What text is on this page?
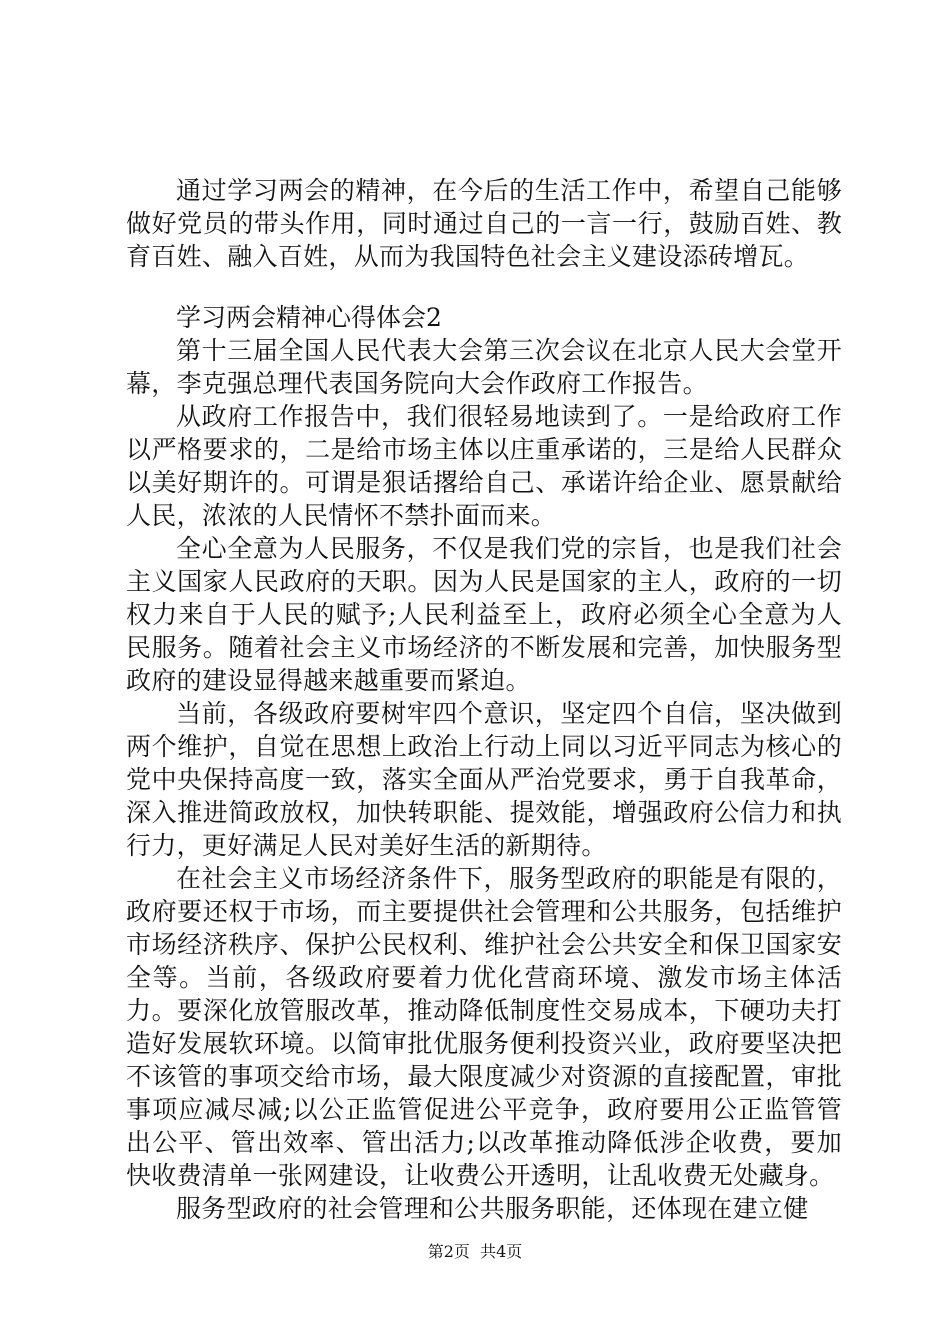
通过学习两会的精神，在今后的生活工作中，希望自己能够做好党员的带头作用，同时通过自己的一言一行，鼓励百姓、教育百姓、融入百姓，从而为我国特色社会主义建设添砖增瓦。

学习两会精神心得体会2

第十三届全国人民代表大会第三次会议在北京人民大会堂开幕，李克强总理代表国务院向大会作政府工作报告。

从政府工作报告中，我们很轻易地读到了。一是给政府工作以严格要求的，二是给市场主体以庄重承诺的，三是给人民群众以美好期许的。可谓是狠话撂给自己、承诺许给企业、愿景献给人民，浓浓的人民情怀不禁扑面而来。

全心全意为人民服务，不仅是我们党的宗旨，也是我们社会主义国家人民政府的天职。因为人民是国家的主人，政府的一切权力来自于人民的赋予;人民利益至上，政府必须全心全意为人民服务。随着社会主义市场经济的不断发展和完善，加快服务型政府的建设显得越来越重要而紧迫。

当前，各级政府要树牢四个意识，坚定四个自信，坚决做到两个维护，自觉在思想上政治上行动上同以习近平同志为核心的党中央保持高度一致，落实全面从严治党要求，勇于自我革命，深入推进简政放权，加快转职能、提效能，增强政府公信力和执行力，更好满足人民对美好生活的新期待。

在社会主义市场经济条件下，服务型政府的职能是有限的，政府要还权于市场，而主要提供社会管理和公共服务，包括维护市场经济秩序、保护公民权利、维护社会公共安全和保卫国家安全等。当前，各级政府要着力优化营商环境、激发市场主体活力。要深化放管服改革，推动降低制度性交易成本，下硬功夫打造好发展软环境。以简审批优服务便利投资兴业，政府要坚决把不该管的事项交给市场，最大限度减少对资源的直接配置，审批事项应减尽减;以公正监管促进公平竞争，政府要用公正监管管出公平、管出效率、管出活力;以改革推动降低涉企收费，要加快收费清单一张网建设，让收费公开透明，让乱收费无处藏身。

服务型政府的社会管理和公共服务职能，还体现在建立健

第2页 共4页
